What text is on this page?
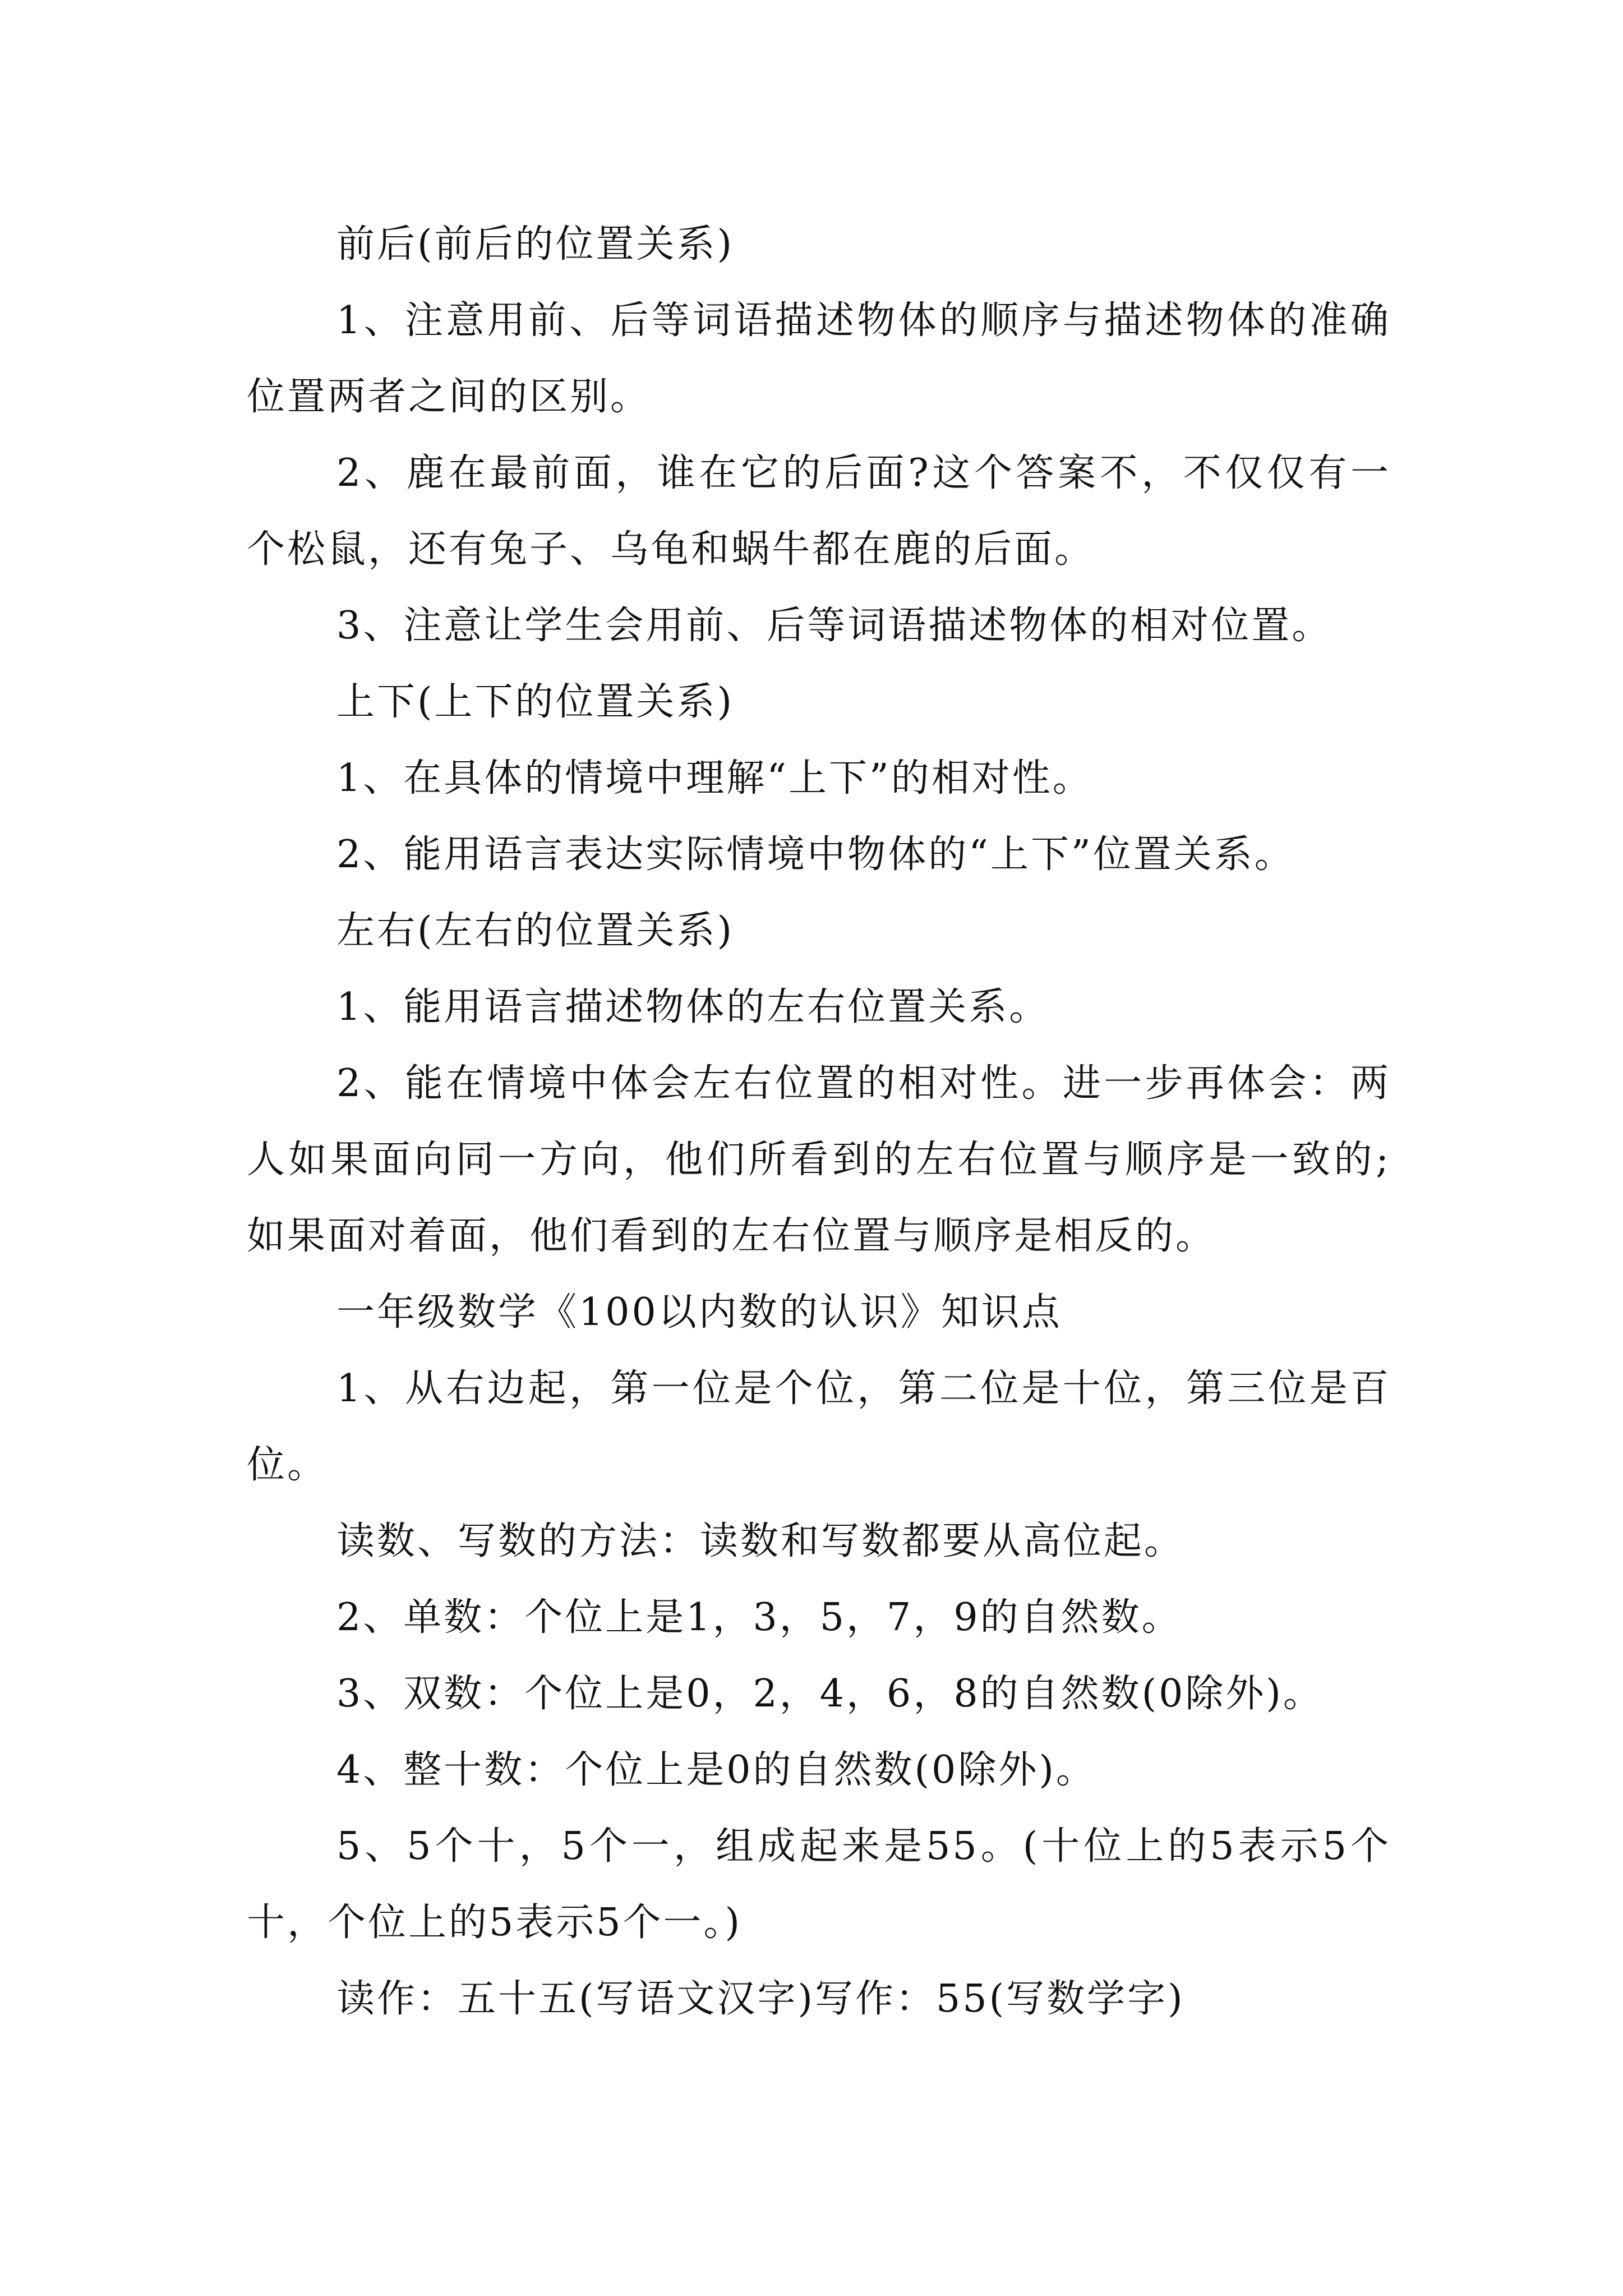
前后(前后的位置关系)

1、注意用前、后等词语描述物体的顺序与描述物体的准确位置两者之间的区别。

2、鹿在最前面，谁在它的后面?这个答案不，不仅仅有一个松鼠，还有兔子、乌龟和蜗牛都在鹿的后面。

3、注意让学生会用前、后等词语描述物体的相对位置。

上下(上下的位置关系)

1、在具体的情境中理解“上下”的相对性。

2、能用语言表达实际情境中物体的“上下”位置关系。

左右(左右的位置关系)

1、能用语言描述物体的左右位置关系。

2、能在情境中体会左右位置的相对性。进一步再体会：两人如果面向同一方向，他们所看到的左右位置与顺序是一致的;如果面对着面，他们看到的左右位置与顺序是相反的。

一年级数学《100以内数的认识》知识点

1、从右边起，第一位是个位，第二位是十位，第三位是百位。

读数、写数的方法：读数和写数都要从高位起。

2、单数：个位上是1，3，5，7，9的自然数。

3、双数：个位上是0，2，4，6，8的自然数(0除外)。

4、整十数：个位上是0的自然数(0除外)。

5、5个十，5个一，组成起来是55。(十位上的5表示5个十，个位上的5表示5个一。)

读作：五十五(写语文汉字)写作：55(写数学字)
